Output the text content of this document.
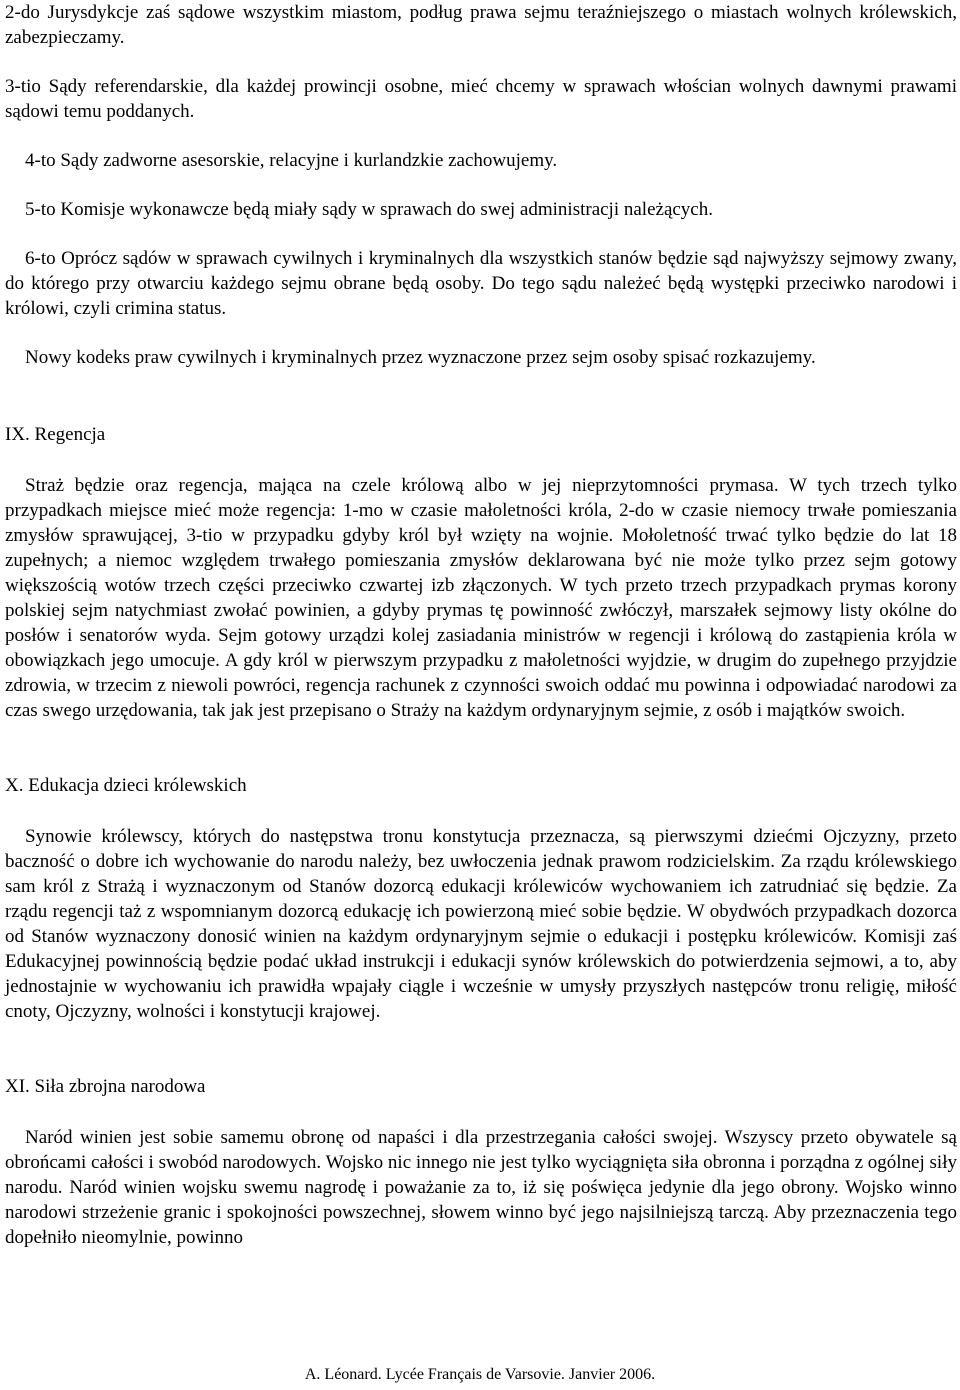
2-do Jurysdykcje zaś sądowe wszystkim miastom, podług prawa sejmu teraźniejszego o miastach wolnych królewskich, zabezpieczamy.

3-tio Sądy referendarskie, dla każdej prowincji osobne, mieć chcemy w sprawach włościan wolnych dawnymi prawami sądowi temu poddanych.

4-to Sądy zadworne asesorskie, relacyjne i kurlandzkie zachowujemy.

5-to Komisje wykonawcze będą miały sądy w sprawach do swej administracji należących.

6-to Oprócz sądów w sprawach cywilnych i kryminalnych dla wszystkich stanów będzie sąd najwyższy sejmowy zwany, do którego przy otwarciu każdego sejmu obrane będą osoby. Do tego sądu należeć będą występki przeciwko narodowi i królowi, czyli crimina status.

Nowy kodeks praw cywilnych i kryminalnych przez wyznaczone przez sejm osoby spisać rozkazujemy.

IX. Regencja

Straż będzie oraz regencja, mająca na czele królową albo w jej nieprzytomności prymasa. W tych trzech tylko przypadkach miejsce mieć może regencja: 1-mo w czasie małoletności króla, 2-do w czasie niemocy trwałe pomieszania zmysłów sprawującej, 3-tio w przypadku gdyby król był wzięty na wojnie. Mołoletność trwać tylko będzie do lat 18 zupełnych; a niemoc względem trwałego pomieszania zmysłów deklarowana być nie może tylko przez sejm gotowy większością wotów trzech części przeciwko czwartej izb złączonych. W tych przeto trzech przypadkach prymas korony polskiej sejm natychmiast zwołać powinien, a gdyby prymas tę powinność zwłóczył, marszałek sejmowy listy okólne do posłów i senatorów wyda. Sejm gotowy urządzi kolej zasiadania ministrów w regencji i królową do zastąpienia króla w obowiązkach jego umocuje. A gdy król w pierwszym przypadku z małoletności wyjdzie, w drugim do zupełnego przyjdzie zdrowia, w trzecim z niewoli powróci, regencja rachunek z czynności swoich oddać mu powinna i odpowiadać narodowi za czas swego urzędowania, tak jak jest przepisano o Straży na każdym ordynaryjnym sejmie, z osób i majątków swoich.

X. Edukacja dzieci królewskich

Synowie królewscy, których do następstwa tronu konstytucja przeznacza, są pierwszymi dziećmi Ojczyzny, przeto baczność o dobre ich wychowanie do narodu należy, bez uwłoczenia jednak prawom rodzicielskim. Za rządu królewskiego sam król z Strażą i wyznaczonym od Stanów dozorcą edukacji królewiców wychowaniem ich zatrudniać się będzie. Za rządu regencji taż z wspomnianym dozorcą edukację ich powierzoną mieć sobie będzie. W obydwóch przypadkach dozorca od Stanów wyznaczony donosić winien na każdym ordynaryjnym sejmie o edukacji i postępku królewiców. Komisji zaś Edukacyjnej powinnością będzie podać układ instrukcji i edukacji synów królewskich do potwierdzenia sejmowi, a to, aby jednostajnie w wychowaniu ich prawidła wpajały ciągle i wcześnie w umysły przyszłych następców tronu religię, miłość cnoty, Ojczyzny, wolności i konstytucji krajowej.

XI. Siła zbrojna narodowa

Naród winien jest sobie samemu obronę od napaści i dla przestrzegania całości swojej. Wszyscy przeto obywatele są obrońcami całości i swobód narodowych. Wojsko nic innego nie jest tylko wyciągnięta siła obronna i porządna z ogólnej siły narodu. Naród winien wojsku swemu nagrodę i poważanie za to, iż się poświęca jedynie dla jego obrony. Wojsko winno narodowi strzeżenie granic i spokojności powszechnej, słowem winno być jego najsilniejszą tarczą. Aby przeznaczenia tego dopełniło nieomylnie, powinno

A. Léonard. Lycée Français de Varsovie. Janvier 2006.
